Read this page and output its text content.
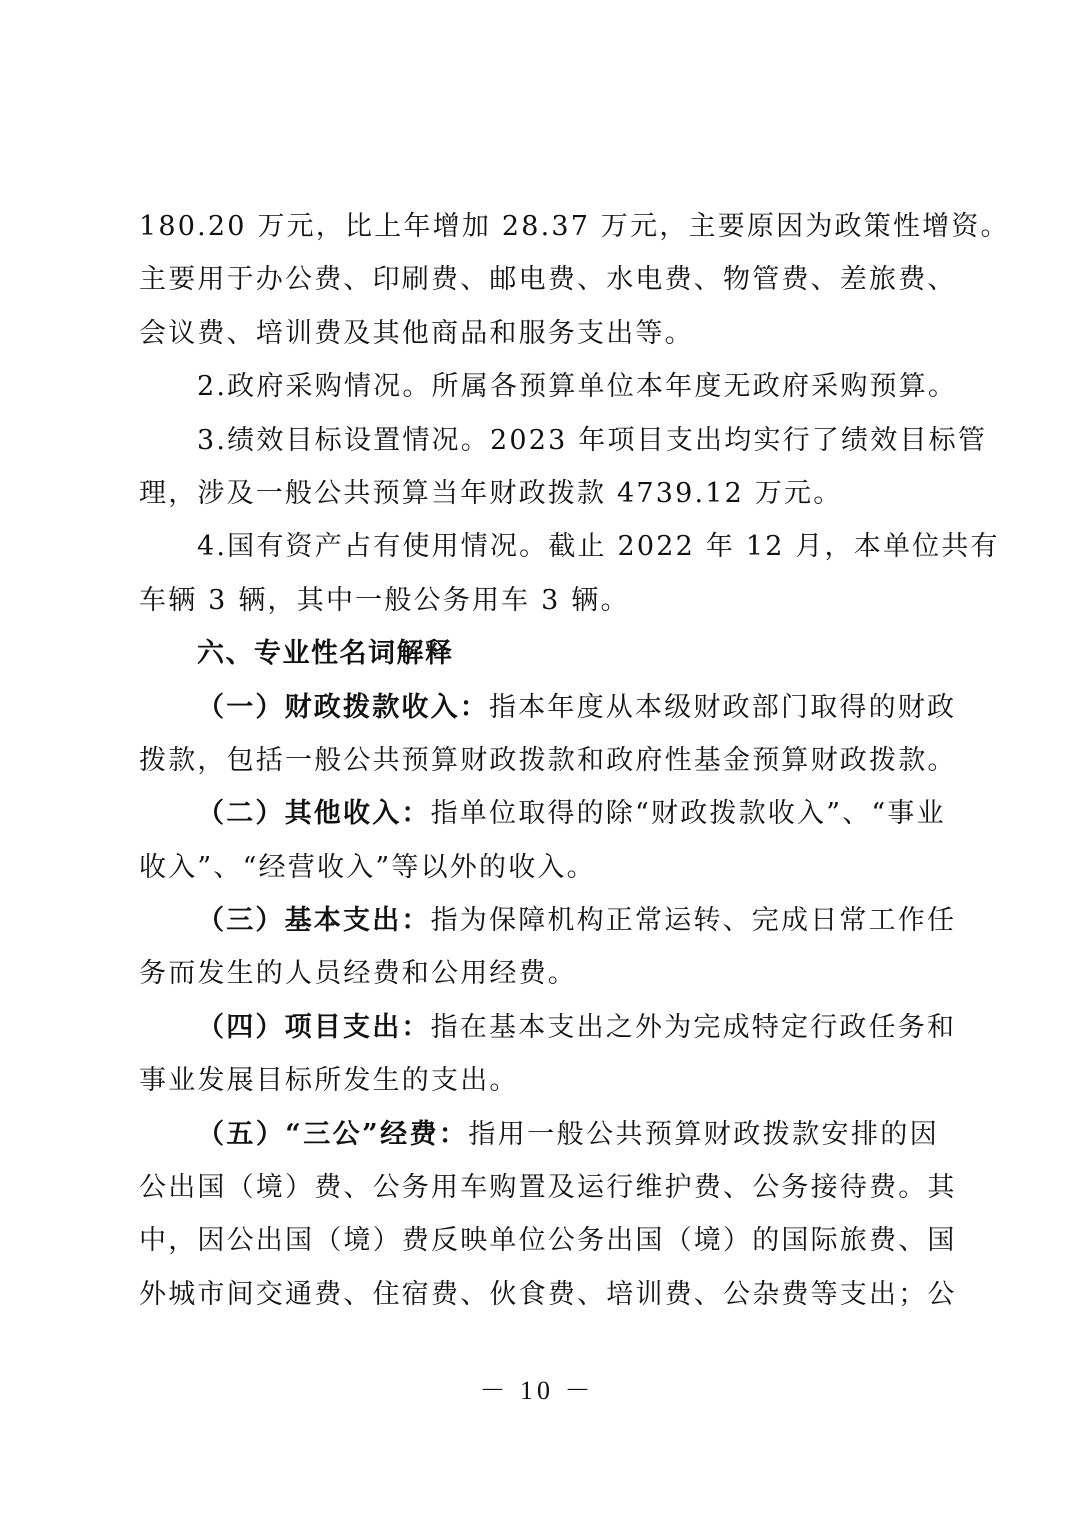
180.20 万元，比上年增加 28.37 万元，主要原因为政策性增资。
主要用于办公费、印刷费、邮电费、水电费、物管费、差旅费、
会议费、培训费及其他商品和服务支出等。
2.政府采购情况。所属各预算单位本年度无政府采购预算。
3.绩效目标设置情况。2023 年项目支出均实行了绩效目标管
理，涉及一般公共预算当年财政拨款 4739.12 万元。
4.国有资产占有使用情况。截止 2022 年 12 月，本单位共有
车辆 3 辆，其中一般公务用车 3 辆。
六、专业性名词解释
（一）财政拨款收入：指本年度从本级财政部门取得的财政
拨款，包括一般公共预算财政拨款和政府性基金预算财政拨款。
（二）其他收入：指单位取得的除“财政拨款收入”、“事业
收入”、“经营收入”等以外的收入。
（三）基本支出：指为保障机构正常运转、完成日常工作任
务而发生的人员经费和公用经费。
（四）项目支出：指在基本支出之外为完成特定行政任务和
事业发展目标所发生的支出。
（五）“三公”经费：指用一般公共预算财政拨款安排的因
公出国（境）费、公务用车购置及运行维护费、公务接待费。其
中，因公出国（境）费反映单位公务出国（境）的国际旅费、国
外城市间交通费、住宿费、伙食费、培训费、公杂费等支出；公
－ 10 －
